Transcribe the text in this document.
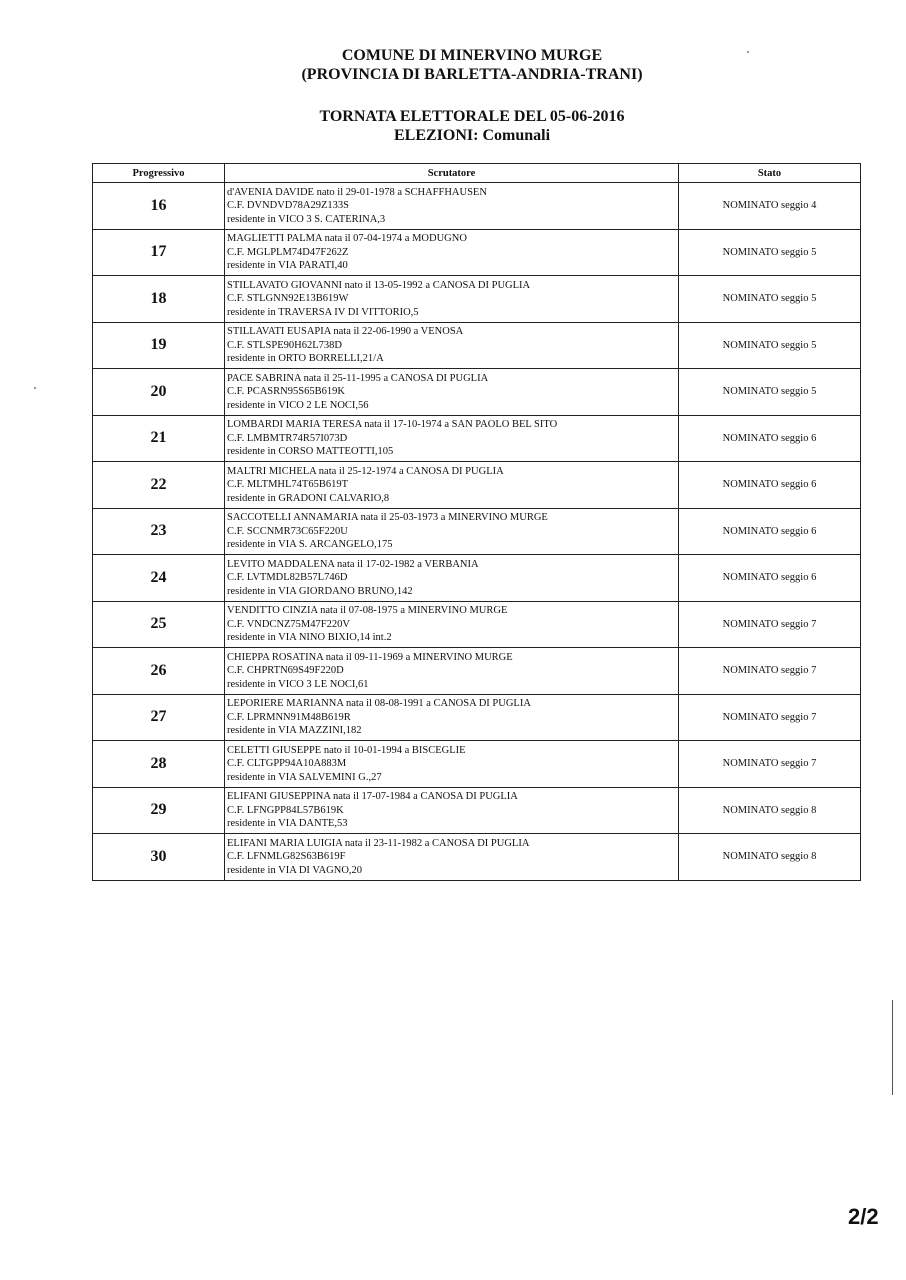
COMUNE DI MINERVINO MURGE
(PROVINCIA DI BARLETTA-ANDRIA-TRANI)
TORNATA ELETTORALE DEL 05-06-2016
ELEZIONI: Comunali
Progressivo	Scrutatore	Stato
16	d'AVENIA DAVIDE nato il 29-01-1978 a SCHAFFHAUSEN
C.F. DVNDVD78A29Z133S
residente in VICO 3 S. CATERINA,3	NOMINATO seggio 4
17	MAGLIETTI PALMA nata il 07-04-1974 a MODUGNO
C.F. MGLPLM74D47F262Z
residente in VIA PARATI,40	NOMINATO seggio 5
18	STILLAVATO GIOVANNI nato il 13-05-1992 a CANOSA DI PUGLIA
C.F. STLGNN92E13B619W
residente in TRAVERSA IV DI VITTORIO,5	NOMINATO seggio 5
19	STILLAVATI EUSAPIA nata il 22-06-1990 a VENOSA
C.F. STLSPE90H62L738D
residente in ORTO BORRELLI,21/A	NOMINATO seggio 5
20	PACE SABRINA nata il 25-11-1995 a CANOSA DI PUGLIA
C.F. PCASRN95S65B619K
residente in VICO 2 LE NOCI,56	NOMINATO seggio 5
21	LOMBARDI MARIA TERESA nata il 17-10-1974 a SAN PAOLO BEL SITO
C.F. LMBMTR74R57I073D
residente in CORSO MATTEOTTI,105	NOMINATO seggio 6
22	MALTRI MICHELA nata il 25-12-1974 a CANOSA DI PUGLIA
C.F. MLTMHL74T65B619T
residente in GRADONI CALVARIO,8	NOMINATO seggio 6
23	SACCOTELLI ANNAMARIA nata il 25-03-1973 a MINERVINO MURGE
C.F. SCCNMR73C65F220U
residente in VIA S. ARCANGELO,175	NOMINATO seggio 6
24	LEVITO MADDALENA nata il 17-02-1982 a VERBANIA
C.F. LVTMDL82B57L746D
residente in VIA GIORDANO BRUNO,142	NOMINATO seggio 6
25	VENDITTO CINZIA nata il 07-08-1975 a MINERVINO MURGE
C.F. VNDCNZ75M47F220V
residente in VIA NINO BIXIO,14 int.2	NOMINATO seggio 7
26	CHIEPPA ROSATINA nata il 09-11-1969 a MINERVINO MURGE
C.F. CHPRTN69S49F220D
residente in VICO 3 LE NOCI,61	NOMINATO seggio 7
27	LEPORIERE MARIANNA nata il 08-08-1991 a CANOSA DI PUGLIA
C.F. LPRMNN91M48B619R
residente in VIA MAZZINI,182	NOMINATO seggio 7
28	CELETTI GIUSEPPE nato il 10-01-1994 a BISCEGLIE
C.F. CLTGPP94A10A883M
residente in VIA SALVEMINI G.,27	NOMINATO seggio 7
29	ELIFANI GIUSEPPINA nata il 17-07-1984 a CANOSA DI PUGLIA
C.F. LFNGPP84L57B619K
residente in VIA DANTE,53	NOMINATO seggio 8
30	ELIFANI MARIA LUIGIA nata il 23-11-1982 a CANOSA DI PUGLIA
C.F. LFNMLG82S63B619F
residente in VIA DI VAGNO,20	NOMINATO seggio 8
2/2
